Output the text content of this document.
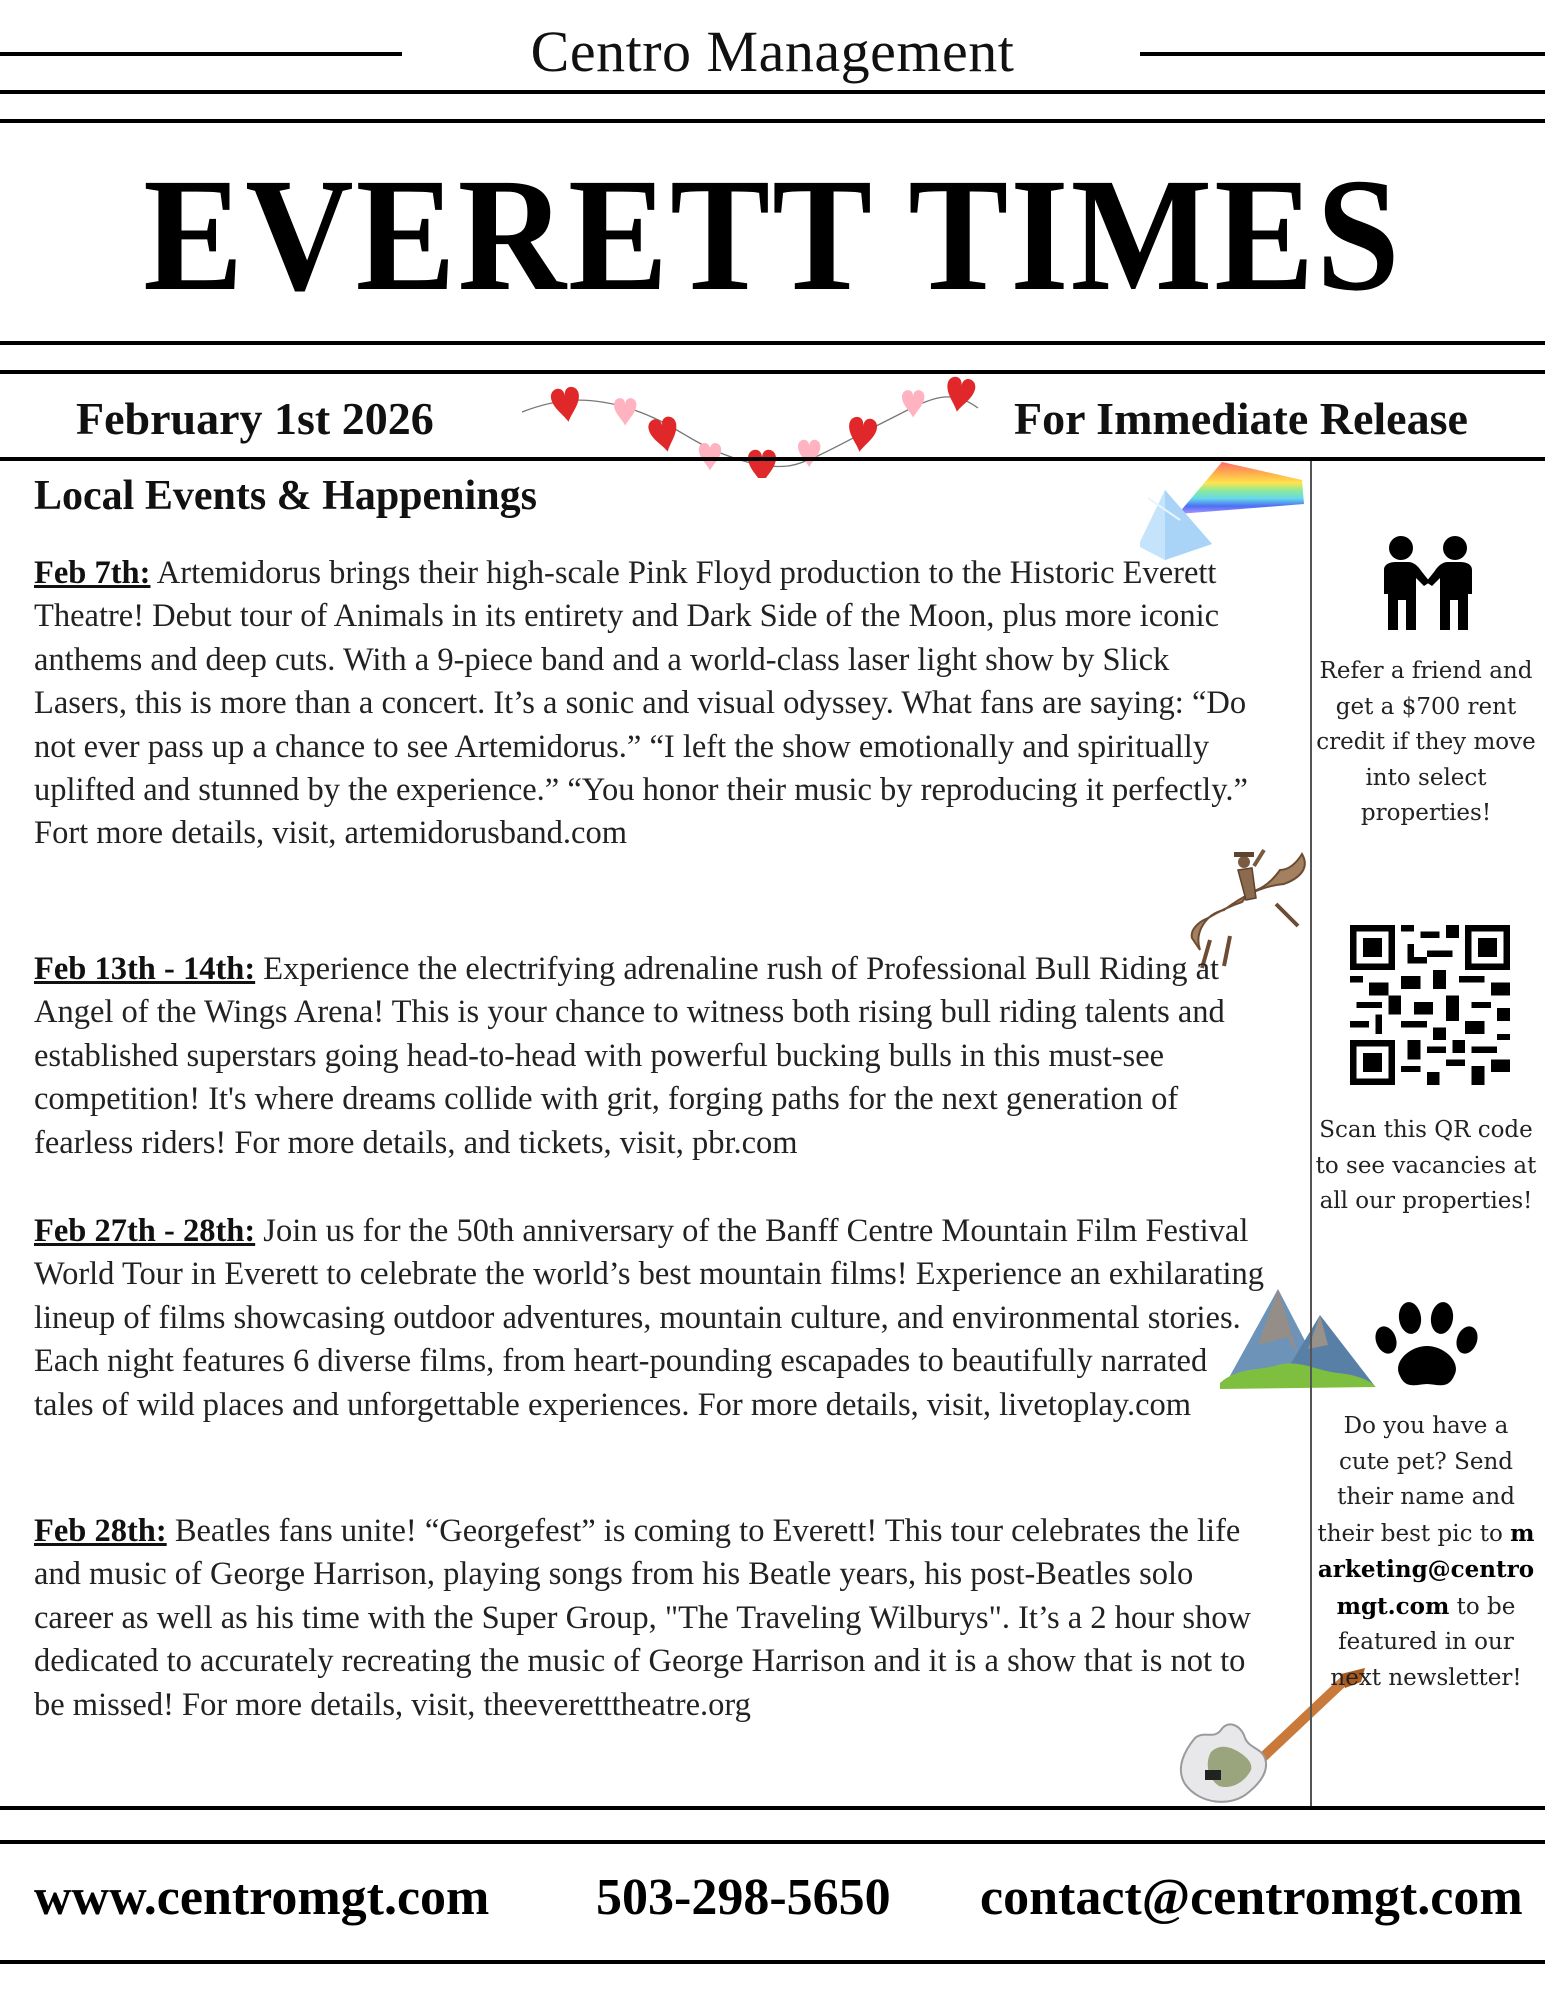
Centro Management
EVERETT TIMES
February 1st 2026	For Immediate Release
Local Events & Happenings
Feb 7th: Artemidorus brings their high-scale Pink Floyd production to the Historic Everett Theatre! Debut tour of Animals in its entirety and Dark Side of the Moon, plus more iconic anthems and deep cuts. With a 9-piece band and a world-class laser light show by Slick Lasers, this is more than a concert. It’s a sonic and visual odyssey. What fans are saying: “Do not ever pass up a chance to see Artemidorus.” “I left the show emotionally and spiritually uplifted and stunned by the experience.” “You honor their music by reproducing it perfectly.” Fort more details, visit, artemidorusband.com
Feb 13th - 14th: Experience the electrifying adrenaline rush of Professional Bull Riding at Angel of the Wings Arena! This is your chance to witness both rising bull riding talents and established superstars going head-to-head with powerful bucking bulls in this must-see competition! It's where dreams collide with grit, forging paths for the next generation of fearless riders! For more details, and tickets, visit, pbr.com
Feb 27th - 28th: Join us for the 50th anniversary of the Banff Centre Mountain Film Festival World Tour in Everett to celebrate the world’s best mountain films! Experience an exhilarating lineup of films showcasing outdoor adventures, mountain culture, and environmental stories. Each night features 6 diverse films, from heart-pounding escapades to beautifully narrated tales of wild places and unforgettable experiences. For more details, visit, livetoplay.com
Feb 28th: Beatles fans unite! “Georgefest” is coming to Everett! This tour celebrates the life and music of George Harrison, playing songs from his Beatle years, his post-Beatles solo career as well as his time with the Super Group, "The Traveling Wilburys". It’s a 2 hour show dedicated to accurately recreating the music of George Harrison and it is a show that is not to be missed! For more details, visit, theeveretttheatre.org
Refer a friend and get a $700 rent credit if they move into select properties!
Scan this QR code to see vacancies at all our properties!
Do you have a cute pet? Send their name and their best pic to marketing@centromgt.com to be featured in our next newsletter!
www.centromgt.com 503-298-5650 contact@centromgt.com
